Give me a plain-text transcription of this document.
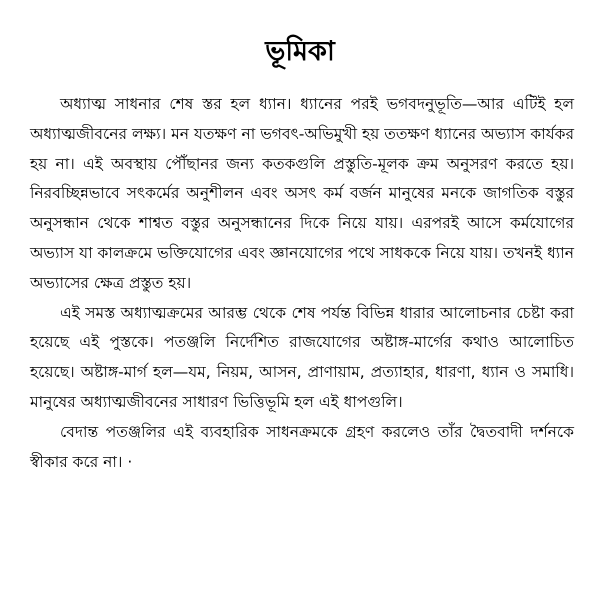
ভূমিকা

অধ্যাত্ম সাধনার শেষ স্তর হল ধ্যান। ধ্যানের পরই ভগবদনুভূতি—আর এটিই হল অধ্যাত্মজীবনের লক্ষ্য। মন যতক্ষণ না ভগবৎ-অভিমুখী হয় ততক্ষণ ধ্যানের অভ্যাস কার্যকর হয় না। এই অবস্থায় পৌঁছানর জন্য কতকগুলি প্রস্তুতি-মূলক ক্রম অনুসরণ করতে হয়। নিরবচ্ছিন্নভাবে সৎকর্মের অনুশীলন এবং অসৎ কর্ম বর্জন মানুষের মনকে জাগতিক বস্তুর অনুসন্ধান থেকে শাশ্বত বস্তুর অনুসন্ধানের দিকে নিয়ে যায়। এরপরই আসে কর্মযোগের অভ্যাস যা কালক্রমে ভক্তিযোগের এবং জ্ঞানযোগের পথে সাধককে নিয়ে যায়। তখনই ধ্যান অভ্যাসের ক্ষেত্র প্রস্তুত হয়।

এই সমস্ত অধ্যাত্মক্রমের আরম্ভ থেকে শেষ পর্যন্ত বিভিন্ন ধারার আলোচনার চেষ্টা করা হয়েছে এই পুস্তকে। পতঞ্জলি নির্দেশিত রাজযোগের অষ্টাঙ্গ-মার্গের কথাও আলোচিত হয়েছে। অষ্টাঙ্গ-মার্গ হল—যম, নিয়ম, আসন, প্রাণায়াম, প্রত্যাহার, ধারণা, ধ্যান ও সমাধি। মানুষের অধ্যাত্মজীবনের সাধারণ ভিত্তিভূমি হল এই ধাপগুলি।

বেদান্ত পতঞ্জলির এই ব্যবহারিক সাধনক্রমকে গ্রহণ করলেও তাঁর দ্বৈতবাদী দর্শনকে স্বীকার করে না। ·
